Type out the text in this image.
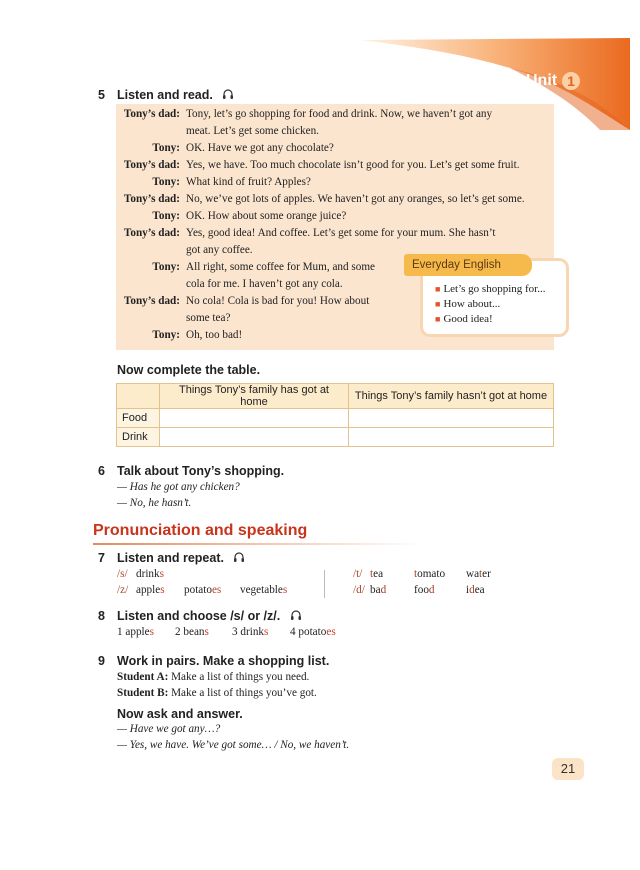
Unit 1
5 Listen and read.
Tony’s dad: Tony, let’s go shopping for food and drink. Now, we haven’t got any
meat. Let’s get some chicken.
Tony: OK. Have we got any chocolate?
Tony’s dad: Yes, we have. Too much chocolate isn’t good for you. Let’s get some fruit.
Tony: What kind of fruit? Apples?
Tony’s dad: No, we’ve got lots of apples. We haven’t got any oranges, so let’s get some.
Tony: OK. How about some orange juice?
Tony’s dad: Yes, good idea! And coffee. Let’s get some for your mum. She hasn’t
got any coffee.
Tony: All right, some coffee for Mum, and some
cola for me. I haven’t got any cola.
Tony’s dad: No cola! Cola is bad for you! How about
some tea?
Tony: Oh, too bad!
■ Let’s go shopping for...
■ How about...
■ Good idea!
Everyday English
Now complete the table.
	Things Tony’s family has got at home	Things Tony’s family hasn’t got at home
Food		
Drink		
6 Talk about Tony’s shopping.
— Has he got any chicken?
— No, he hasn’t.
Pronunciation and speaking
7 Listen and repeat.
/s/ drinks
/z/ apples potatoes vegetables
/t/ tea	tomato water
/d/ bad food	idea
8 Listen and choose /s/ or /z/.
1 apples 2 beans 3 drinks 4 potatoes
9 Work in pairs. Make a shopping list.
Student A: Make a list of things you need.
Student B: Make a list of things you’ve got.
Now ask and answer.
— Have we got any…?
— Yes, we have. We’ve got some… / No, we haven’t.
21
